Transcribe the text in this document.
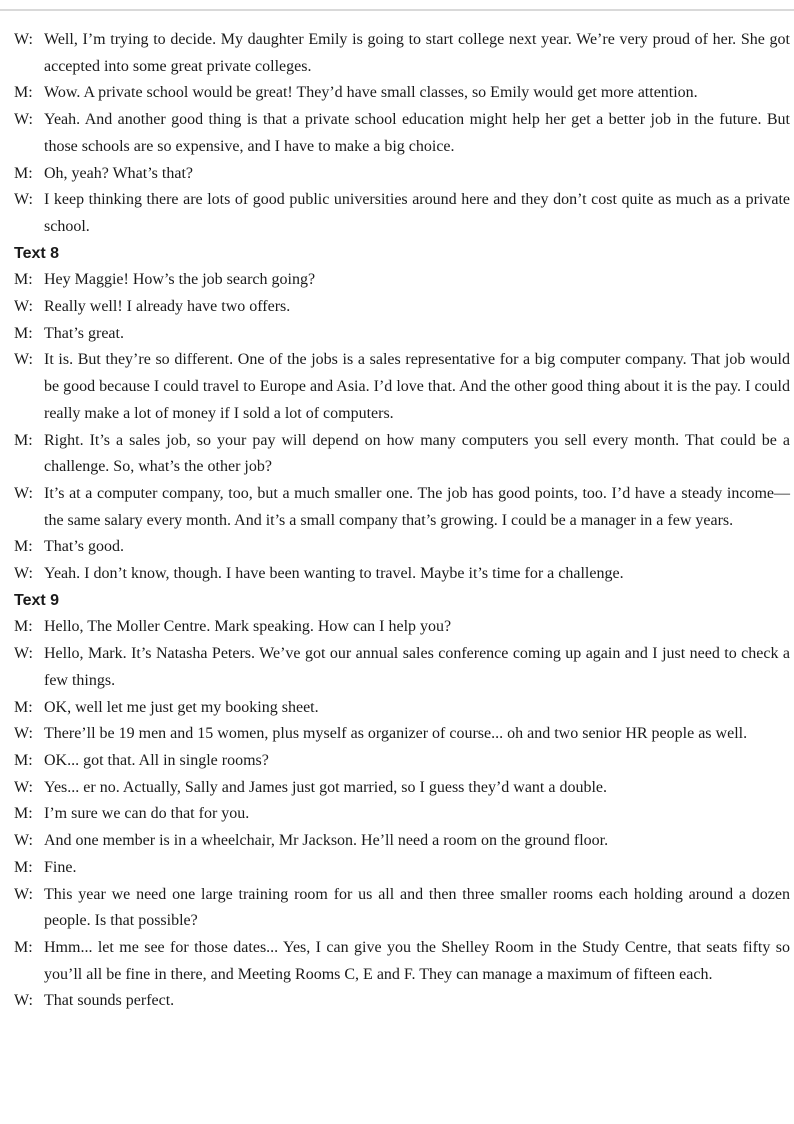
W: Well, I’m trying to decide. My daughter Emily is going to start college next year. We’re very proud of her. She got accepted into some great private colleges.
M: Wow. A private school would be great! They’d have small classes, so Emily would get more attention.
W: Yeah. And another good thing is that a private school education might help her get a better job in the future. But those schools are so expensive, and I have to make a big choice.
M: Oh, yeah? What’s that?
W: I keep thinking there are lots of good public universities around here and they don’t cost quite as much as a private school.
Text 8
M: Hey Maggie! How’s the job search going?
W: Really well! I already have two offers.
M: That’s great.
W: It is. But they’re so different. One of the jobs is a sales representative for a big computer company. That job would be good because I could travel to Europe and Asia. I’d love that. And the other good thing about it is the pay. I could really make a lot of money if I sold a lot of computers.
M: Right. It’s a sales job, so your pay will depend on how many computers you sell every month. That could be a challenge. So, what’s the other job?
W: It’s at a computer company, too, but a much smaller one. The job has good points, too. I’d have a steady income—the same salary every month. And it’s a small company that’s growing. I could be a manager in a few years.
M: That’s good.
W: Yeah. I don’t know, though. I have been wanting to travel. Maybe it’s time for a challenge.
Text 9
M: Hello, The Moller Centre. Mark speaking. How can I help you?
W: Hello, Mark. It’s Natasha Peters. We’ve got our annual sales conference coming up again and I just need to check a few things.
M: OK, well let me just get my booking sheet.
W: There’ll be 19 men and 15 women, plus myself as organizer of course... oh and two senior HR people as well.
M: OK... got that. All in single rooms?
W: Yes... er no. Actually, Sally and James just got married, so I guess they’d want a double.
M: I’m sure we can do that for you.
W: And one member is in a wheelchair, Mr Jackson. He’ll need a room on the ground floor.
M: Fine.
W: This year we need one large training room for us all and then three smaller rooms each holding around a dozen people. Is that possible?
M: Hmm... let me see for those dates... Yes, I can give you the Shelley Room in the Study Centre, that seats fifty so you’ll all be fine in there, and Meeting Rooms C, E and F. They can manage a maximum of fifteen each.
W: That sounds perfect.
